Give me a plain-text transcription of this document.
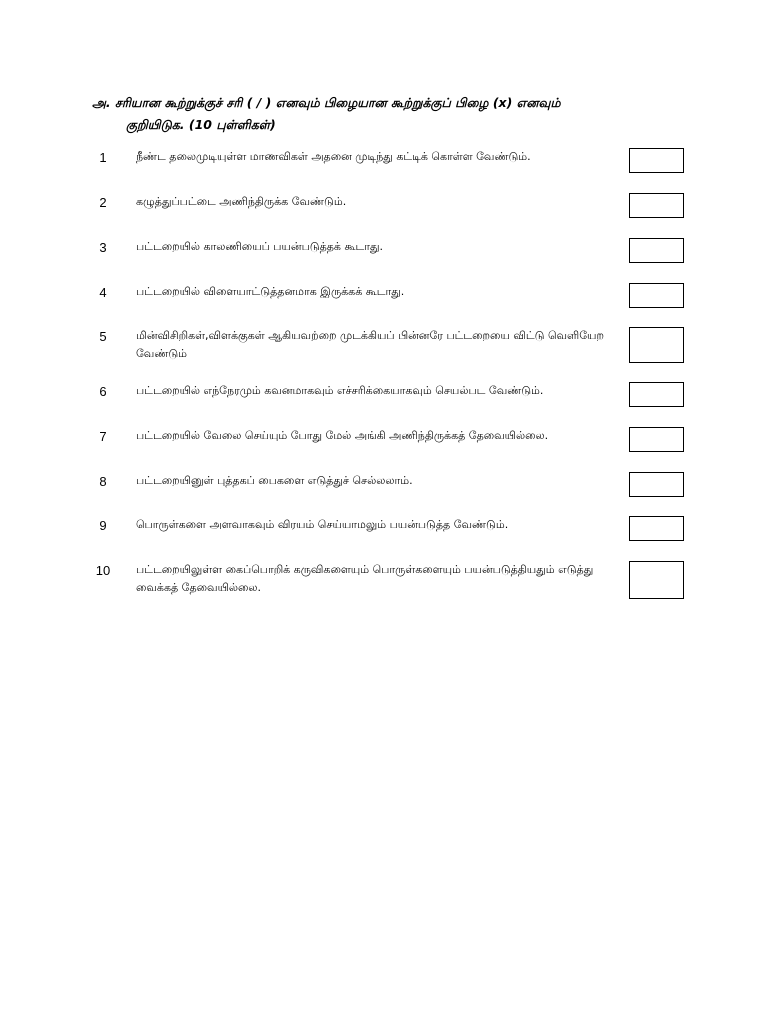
அ. சரியான கூற்றுக்குச் சரி ( / ) எனவும் பிழையான கூற்றுக்குப் பிழை (x) எனவும்
குறியிடுக. (10 புள்ளிகள்)
1	நீண்ட தலைமுடியுள்ள மாணவிகள் அதனை முடிந்து கட்டிக் கொள்ள வேண்டும்.
2	கழுத்துப்பட்டை அணிந்திருக்க வேண்டும்.
3	பட்டறையில் காலணியைப் பயன்படுத்தக் கூடாது.
4	பட்டறையில் விளையாட்டுத்தனமாக இருக்கக் கூடாது.
5	மின்விசிறிகள்,விளக்குகள் ஆகியவற்றை முடக்கியப் பின்னரே பட்டறையை விட்டு வெளியேற வேண்டும்
6	பட்டறையில் எந்நேரமும் கவனமாகவும் எச்சரிக்கையாகவும் செயல்பட வேண்டும்.
7	பட்டறையில் வேலை செய்யும் போது மேல் அங்கி அணிந்திருக்கத் தேவையில்லை.
8	பட்டறையினுள் புத்தகப் பைகளை எடுத்துச் செல்லலாம்.
9	பொருள்களை அளவாகவும் விரயம் செய்யாமலும் பயன்படுத்த வேண்டும்.
10	பட்டறையிலுள்ள கைப்பொறிக் கருவிகளையும் பொருள்களையும் பயன்படுத்தியதும் எடுத்து வைக்கத் தேவையில்லை.
